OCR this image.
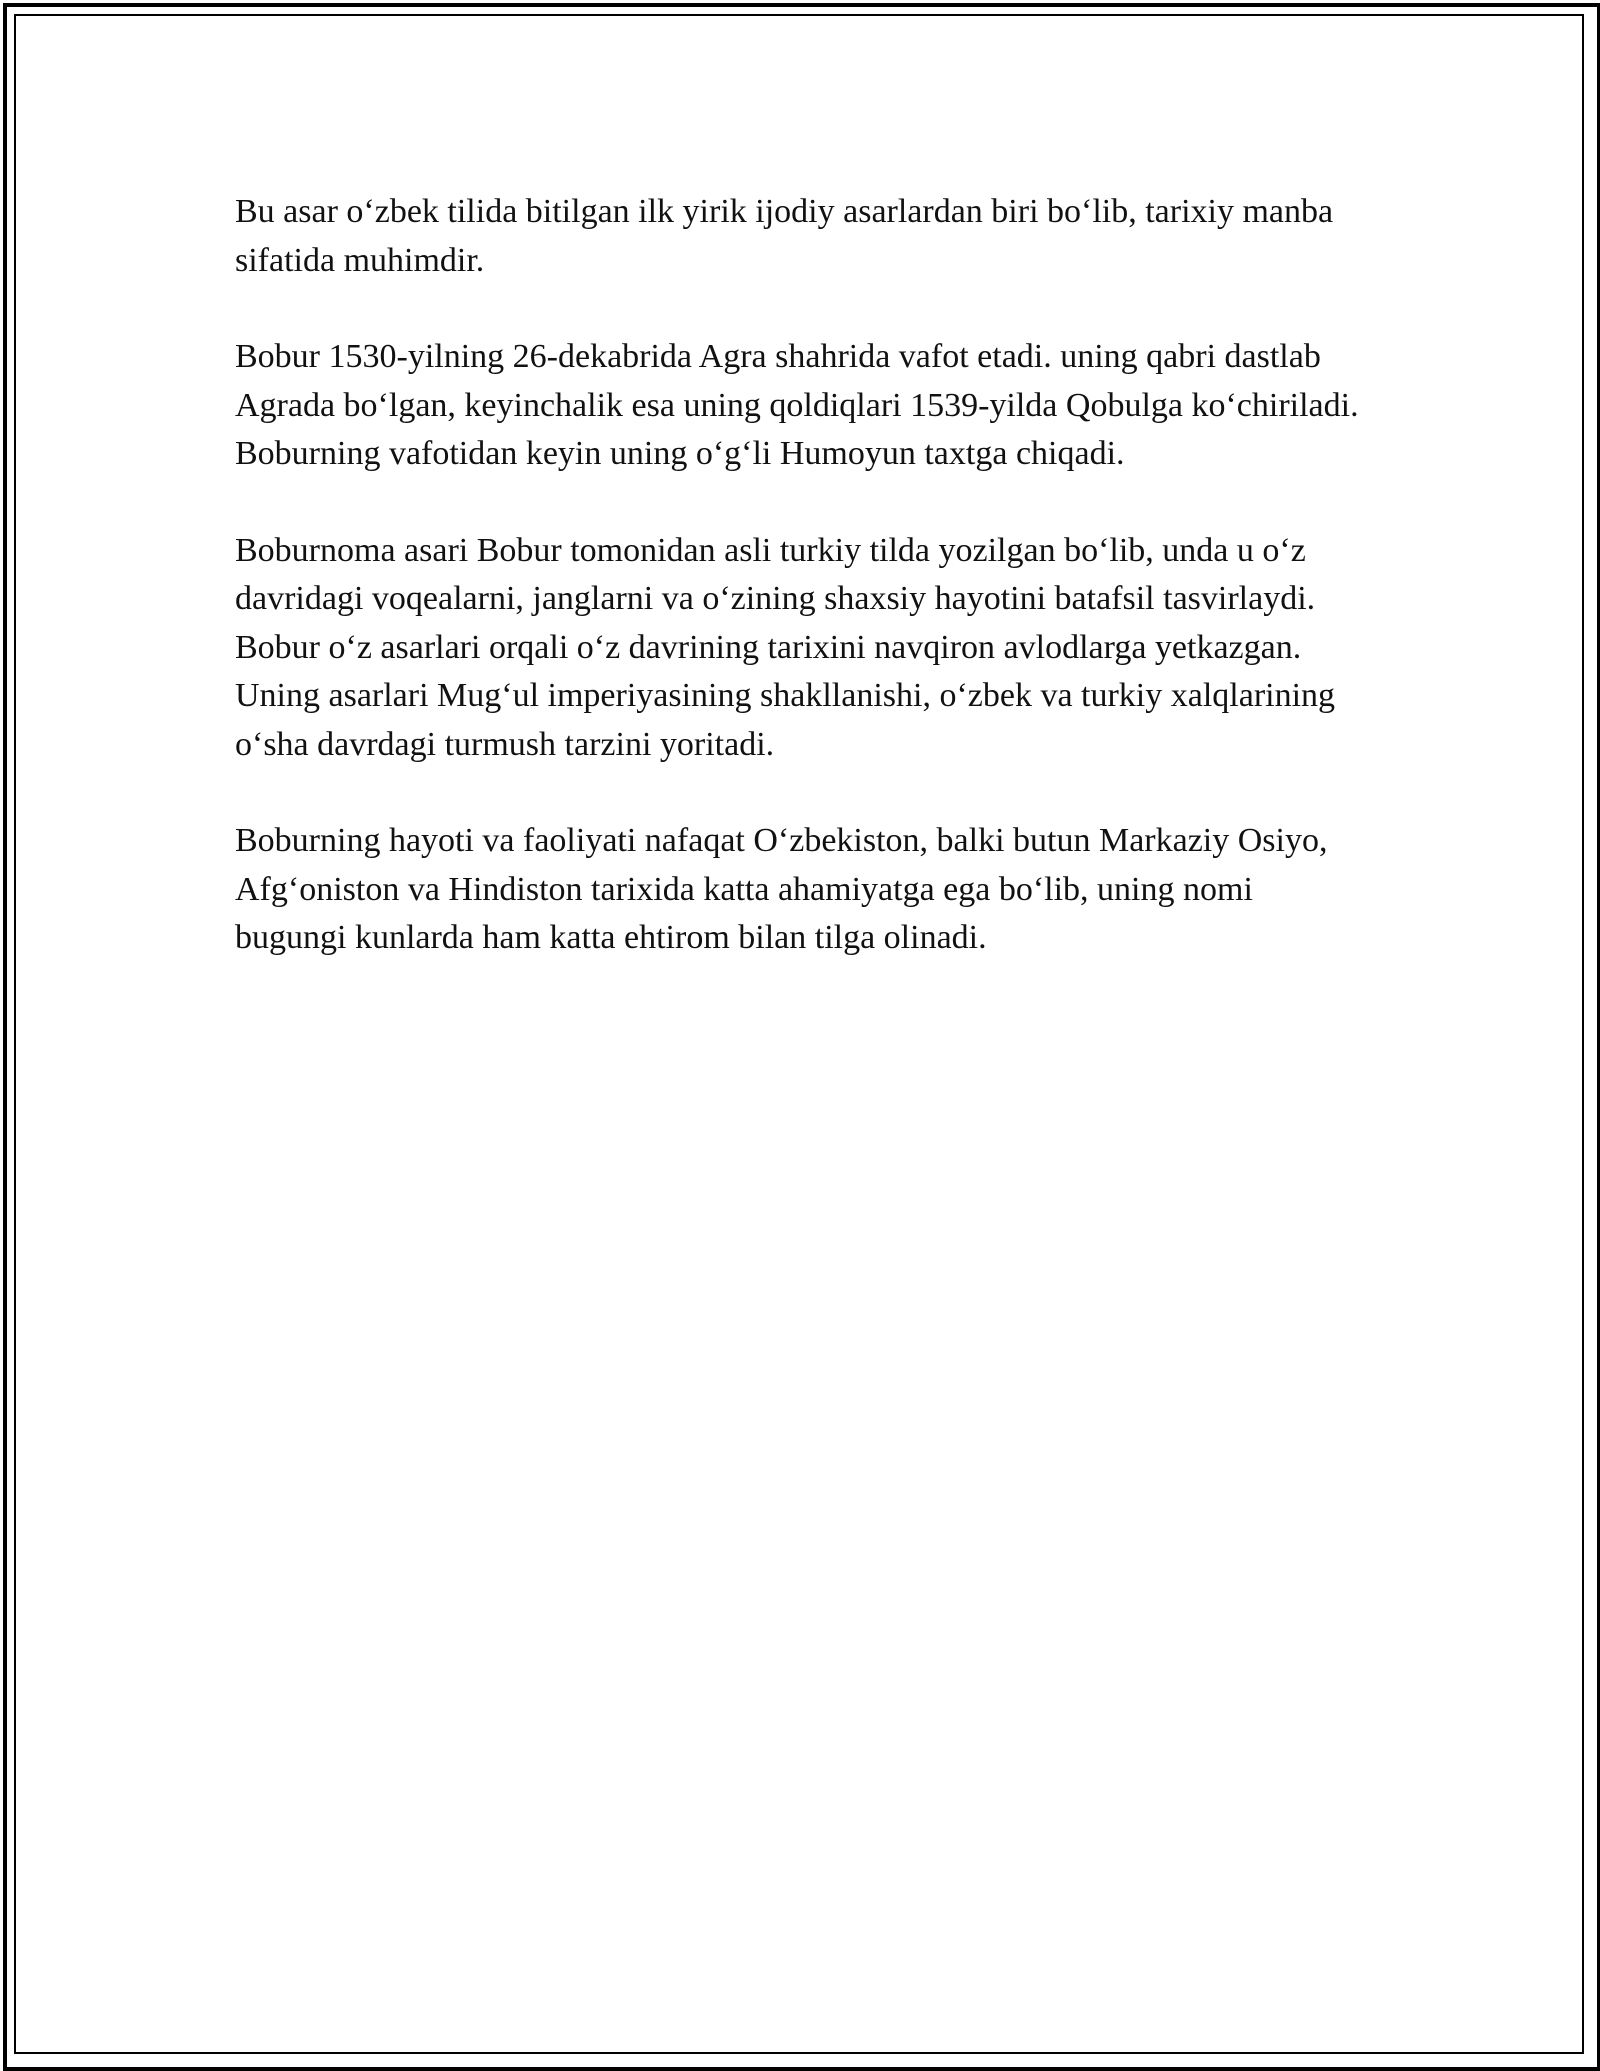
Bu asar o‘zbek tilida bitilgan ilk yirik ijodiy asarlardan biri bo‘lib, tarixiy manba sifatida muhimdir.

Bobur 1530-yilning 26-dekabrida Agra shahrida vafot etadi. uning qabri dastlab Agrada bo‘lgan, keyinchalik esa uning qoldiqlari 1539-yilda Qobulga ko‘chiriladi. Boburning vafotidan keyin uning o‘g‘li Humoyun taxtga chiqadi.

Boburnoma asari Bobur tomonidan asli turkiy tilda yozilgan bo‘lib, unda u o‘z davridagi voqealarni, janglarni va o‘zining shaxsiy hayotini batafsil tasvirlaydi. Bobur o‘z asarlari orqali o‘z davrining tarixini navqiron avlodlarga yetkazgan. Uning asarlari Mug‘ul imperiyasining shakllanishi, o‘zbek va turkiy xalqlarining o‘sha davrdagi turmush tarzini yoritadi.

Boburning hayoti va faoliyati nafaqat O‘zbekiston, balki butun Markaziy Osiyo, Afg‘oniston va Hindiston tarixida katta ahamiyatga ega bo‘lib, uning nomi bugungi kunlarda ham katta ehtirom bilan tilga olinadi.
